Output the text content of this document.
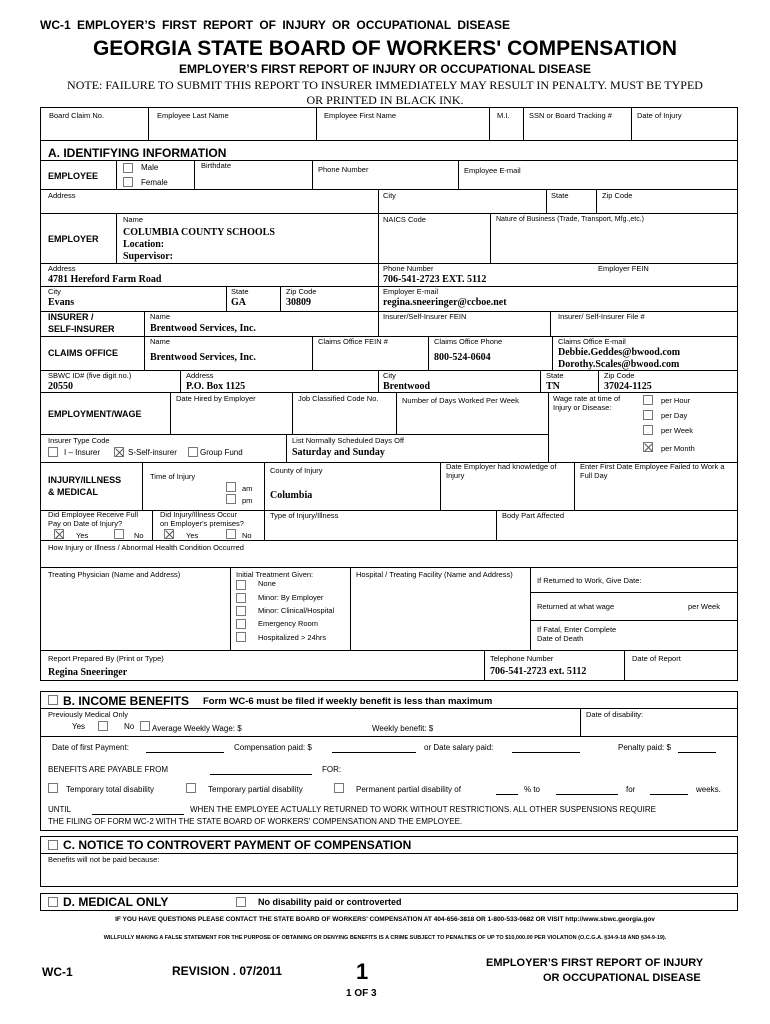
WC-1 EMPLOYER’S FIRST REPORT OF INJURY OR OCCUPATIONAL DISEASE
GEORGIA STATE BOARD OF WORKERS' COMPENSATION
EMPLOYER’S FIRST REPORT OF INJURY OR OCCUPATIONAL DISEASE
NOTE: FAILURE TO SUBMIT THIS REPORT TO INSURER IMMEDIATELY MAY RESULT IN PENALTY. MUST BE TYPED
OR PRINTED IN BLACK INK.
Board Claim No.	Employee Last Name	Employee First Name	M.I.	SSN or Board Tracking #	Date of Injury
A. IDENTIFYING INFORMATION
EMPLOYEE
Male
Female
Birthdate	Phone Number	Employee E-mail
Address	City	State	Zip Code
EMPLOYER
Name
COLUMBIA COUNTY SCHOOLS
Location:
Supervisor:
NAICS Code	Nature of Business (Trade, Transport, Mfg.,etc.)
Address
4781 Hereford Farm Road
Phone Number
706-541-2723 EXT. 5112
Employer FEIN
City
Evans
State
GA
Zip Code
30809
Employer E-mail
regina.sneeringer@ccboe.net
INSURER /
SELF-INSURER
Name
Brentwood Services, Inc.
Insurer/Self-Insurer FEIN	Insurer/ Self-Insurer File #
CLAIMS OFFICE
Name
Brentwood Services, Inc.
Claims Office FEIN #	Claims Office Phone
800-524-0604
Claims Office E-mail
Debbie.Geddes@bwood.com
Dorothy.Scales@bwood.com
SBWC ID# (five digit no.)
20550
Address
P.O. Box 1125
City
Brentwood
State
TN
Zip Code
37024-1125
EMPLOYMENT/WAGE
Date Hired by Employer	Job Classified Code No.	Number of Days Worked Per Week	Wage rate at time of
Injury or Disease:
per Hour
per Day
per Week
per Month
Insurer Type Code
I – Insurer	S-Self-insurer	Group Fund
List Normally Scheduled Days Off
Saturday and Sunday
INJURY/ILLNESS
& MEDICAL
Time of Injury
am
pm
County of Injury
Columbia
Date Employer had knowledge of
Injury
Enter First Date Employee Failed to Work a
Full Day
Did Employee Receive Full
Pay on Date of Injury?
Yes	No
Did Injury/Illness Occur
on Employer's premises?
Yes	No
Type of Injury/Illness	Body Part Affected
How Injury or Illness / Abnormal Health Condition Occurred
Treating Physician (Name and Address)	Initial Treatment Given:
None
Minor: By Employer
Minor: Clinical/Hospital
Emergency Room
Hospitalized > 24hrs
Hospital / Treating Facility (Name and Address)
If Returned to Work, Give Date:
Returned at what wage	per Week
If Fatal, Enter Complete
Date of Death
Report Prepared By (Print or Type)
Regina Sneeringer
Telephone Number
706-541-2723 ext. 5112
Date of Report
B. INCOME BENEFITS Form WC-6 must be filed if weekly benefit is less than maximum
Previously Medical Only
Yes	No Average Weekly Wage: $	Weekly benefit: $
Date of disability:
Date of first Payment:	Compensation paid: $	or Date salary paid:	Penalty paid: $
BENEFITS ARE PAYABLE FROM	FOR:
Temporary total disability	Temporary partial disability	Permanent partial disability of	% to	for	weeks.
UNTIL	WHEN THE EMPLOYEE ACTUALLY RETURNED TO WORK WITHOUT RESTRICTIONS. ALL OTHER SUSPENSIONS REQUIRE
THE FILING OF FORM WC-2 WITH THE STATE BOARD OF WORKERS' COMPENSATION AND THE EMPLOYEE.
C. NOTICE TO CONTROVERT PAYMENT OF COMPENSATION
Benefits will not be paid because:
D. MEDICAL ONLY	No disability paid or controverted
IF YOU HAVE QUESTIONS PLEASE CONTACT THE STATE BOARD OF WORKERS' COMPENSATION AT 404-656-3818 OR 1-800-533-0682 OR VISIT http://www.sbwc.georgia.gov
WILLFULLY MAKING A FALSE STATEMENT FOR THE PURPOSE OF OBTAINING OR DENYING BENEFITS IS A CRIME SUBJECT TO PENALTIES OF UP TO $10,000.00 PER VIOLATION (O.C.G.A. §34-9-18 AND §34-9-19).
WC-1	REVISION . 07/2011	1
1 OF 3
EMPLOYER’S FIRST REPORT OF INJURY
OR OCCUPATIONAL DISEASE
